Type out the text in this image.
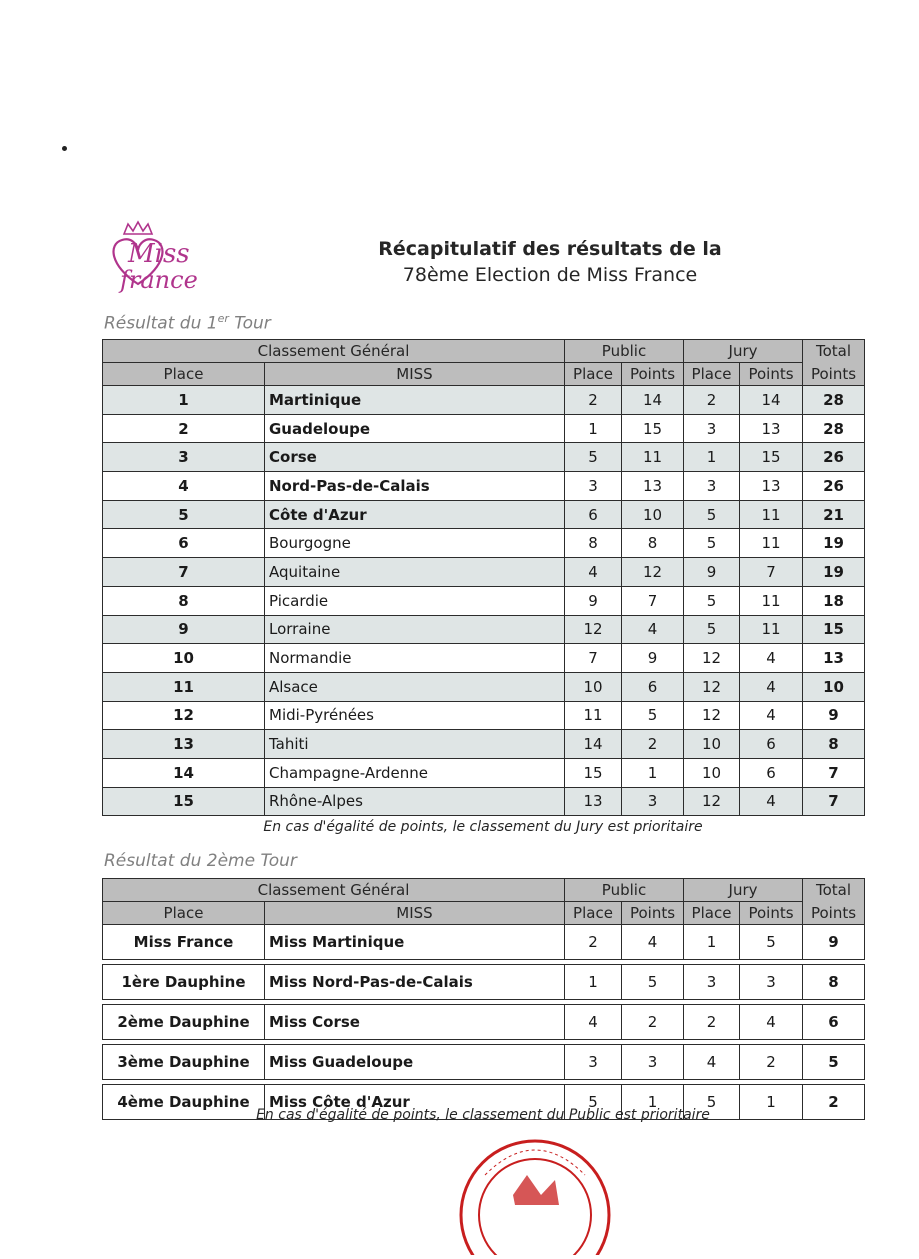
Miss
france
Récapitulatif des résultats de la
78ème Election de Miss France
Résultat du 1er Tour
Classement Général		Public		Jury		Total
Place	MISS	Place	Points	Place	Points	Points
1	Martinique	2	14	2	14	28
2	Guadeloupe	1	15	3	13	28
3	Corse	5	11	1	15	26
4	Nord-Pas-de-Calais	3	13	3	13	26
5	Côte d'Azur	6	10	5	11	21
6	Bourgogne	8	8	5	11	19
7	Aquitaine	4	12	9	7	19
8	Picardie	9	7	5	11	18
9	Lorraine	12	4	5	11	15
10	Normandie	7	9	12	4	13
11	Alsace	10	6	12	4	10
12	Midi-Pyrénées	11	5	12	4	9
13	Tahiti	14	2	10	6	8
14	Champagne-Ardenne	15	1	10	6	7
15	Rhône-Alpes	13	3	12	4	7
En cas d'égalité de points, le classement du Jury est prioritaire
Résultat du 2ème Tour
Classement Général		Public		Jury		Total
Place	MISS	Place	Points	Place	Points	Points
Miss France	Miss Martinique	2	4	1	5	9

1ère Dauphine	Miss Nord-Pas-de-Calais	1	5	3	3	8

2ème Dauphine	Miss Corse	4	2	2	4	6

3ème Dauphine	Miss Guadeloupe	3	3	4	2	5

4ème Dauphine	Miss Côte d'Azur	5	1	5	1	2
En cas d'égalité de points, le classement du Public est prioritaire
